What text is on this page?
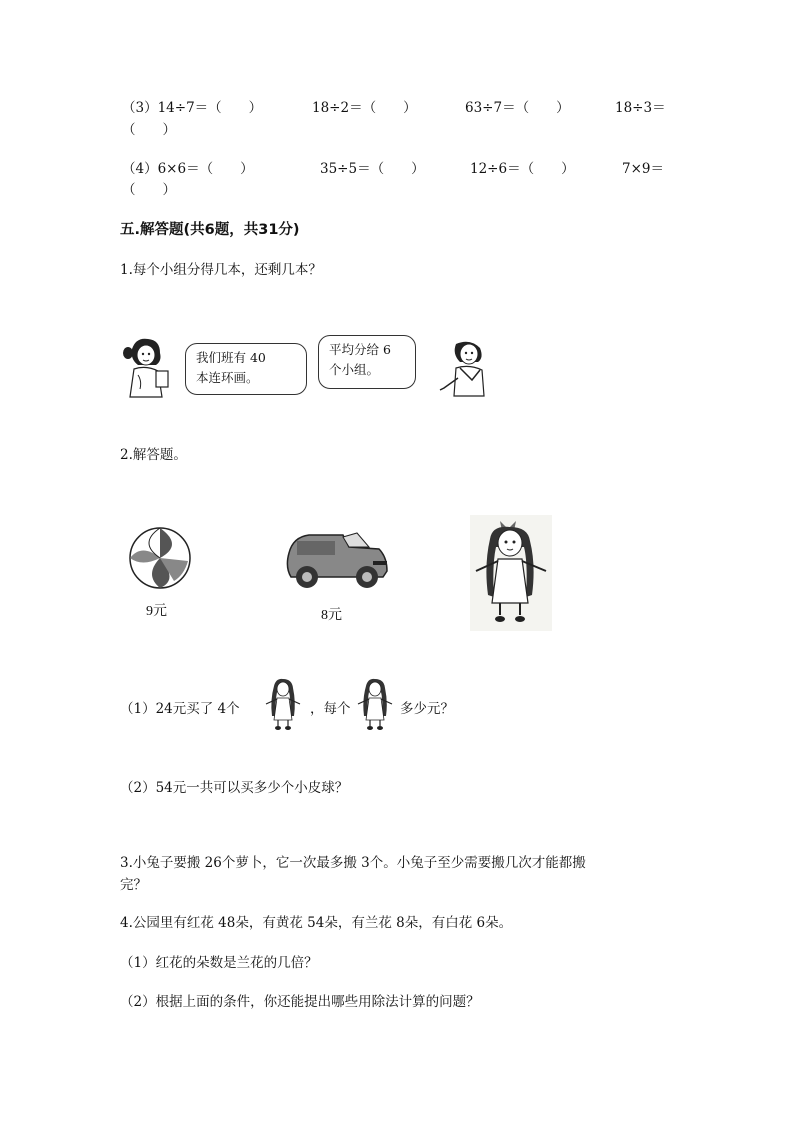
（3）14÷7＝（　　）	18÷2＝（　　）	63÷7＝（　　）	18÷3＝
（　　）
（4）6×6＝（　　）	35÷5＝（　　）	12÷6＝（　　）	7×9＝
（　　）
五.解答题(共6题，共31分)
1.每个小组分得几本，还剩几本？
我们班有 40
本连环画。
平均分给 6
个小组。
2.解答题。
9元	8元
（1）24元买了 4个	，每个	多少元？
（2）54元一共可以买多少个小皮球？
3.小兔子要搬 26个萝卜，它一次最多搬 3个。小兔子至少需要搬几次才能都搬
完？
4.公园里有红花 48朵，有黄花 54朵，有兰花 8朵，有白花 6朵。
（1）红花的朵数是兰花的几倍？
（2）根据上面的条件，你还能提出哪些用除法计算的问题？
